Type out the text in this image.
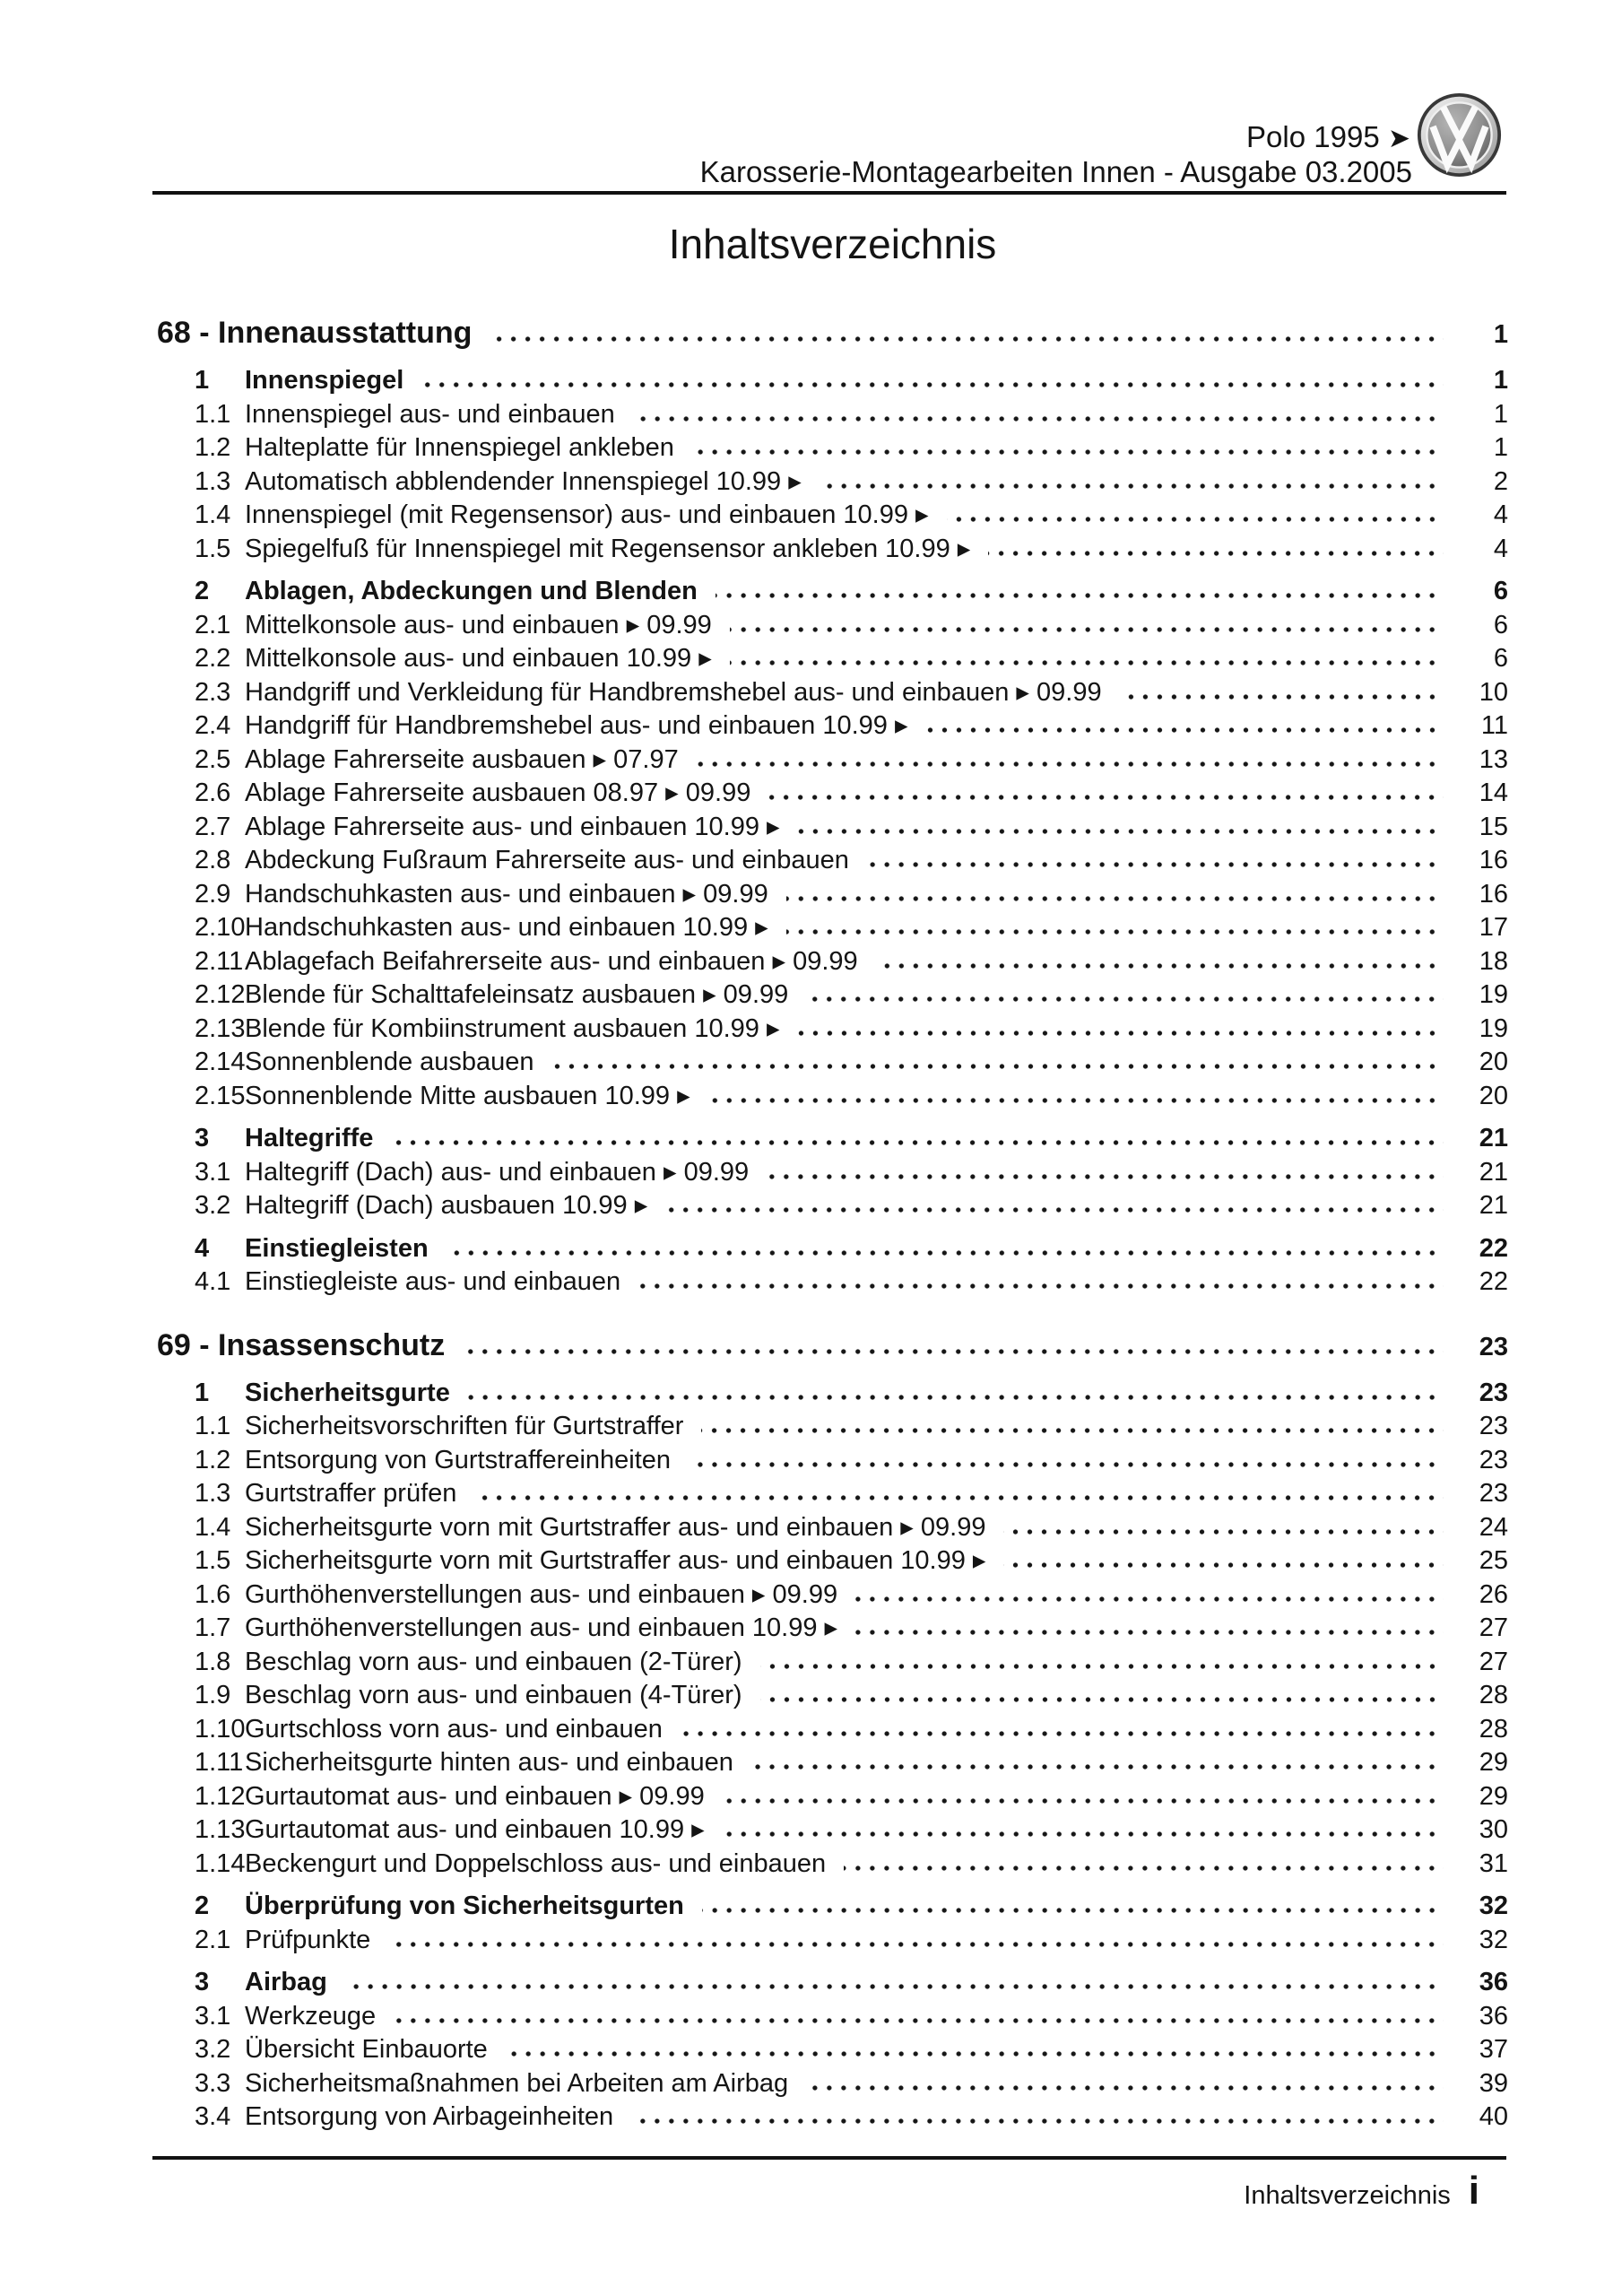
Polo 1995 ➤
Karosserie-Montagearbeiten Innen - Ausgabe 03.2005
Inhaltsverzeichnis
68 - Innenausstattung	1
1	Innenspiegel	1
1.1 Innenspiegel aus- und einbauen	1
1.2 Halteplatte für Innenspiegel ankleben	1
1.3 Automatisch abblendender Innenspiegel 10.99 ▸	2
1.4 Innenspiegel (mit Regensensor) aus- und einbauen 10.99 ▸	4
1.5 Spiegelfuß für Innenspiegel mit Regensensor ankleben 10.99 ▸	4
2	Ablagen, Abdeckungen und Blenden	6
2.1 Mittelkonsole aus- und einbauen ▸ 09.99	6
2.2 Mittelkonsole aus- und einbauen 10.99 ▸	6
2.3 Handgriff und Verkleidung für Handbremshebel aus- und einbauen ▸ 09.99	10
2.4 Handgriff für Handbremshebel aus- und einbauen 10.99 ▸	11
2.5 Ablage Fahrerseite ausbauen ▸ 07.97	13
2.6 Ablage Fahrerseite ausbauen 08.97 ▸ 09.99	14
2.7 Ablage Fahrerseite aus- und einbauen 10.99 ▸	15
2.8 Abdeckung Fußraum Fahrerseite aus- und einbauen	16
2.9 Handschuhkasten aus- und einbauen ▸ 09.99	16
2.10 Handschuhkasten aus- und einbauen 10.99 ▸	17
2.11 Ablagefach Beifahrerseite aus- und einbauen ▸ 09.99	18
2.12 Blende für Schalttafeleinsatz ausbauen ▸ 09.99	19
2.13 Blende für Kombiinstrument ausbauen 10.99 ▸	19
2.14 Sonnenblende ausbauen	20
2.15 Sonnenblende Mitte ausbauen 10.99 ▸	20
3	Haltegriffe	21
3.1 Haltegriff (Dach) aus- und einbauen ▸ 09.99	21
3.2 Haltegriff (Dach) ausbauen 10.99 ▸	21
4	Einstiegleisten	22
4.1 Einstiegleiste aus- und einbauen	22
69 - Insassenschutz	23
1	Sicherheitsgurte	23
1.1 Sicherheitsvorschriften für Gurtstraffer	23
1.2 Entsorgung von Gurtstraffereinheiten	23
1.3 Gurtstraffer prüfen	23
1.4 Sicherheitsgurte vorn mit Gurtstraffer aus- und einbauen ▸ 09.99	24
1.5 Sicherheitsgurte vorn mit Gurtstraffer aus- und einbauen 10.99 ▸	25
1.6 Gurthöhenverstellungen aus- und einbauen ▸ 09.99	26
1.7 Gurthöhenverstellungen aus- und einbauen 10.99 ▸	27
1.8 Beschlag vorn aus- und einbauen (2-Türer)	27
1.9 Beschlag vorn aus- und einbauen (4-Türer)	28
1.10 Gurtschloss vorn aus- und einbauen	28
1.11 Sicherheitsgurte hinten aus- und einbauen	29
1.12 Gurtautomat aus- und einbauen ▸ 09.99	29
1.13 Gurtautomat aus- und einbauen 10.99 ▸	30
1.14 Beckengurt und Doppelschloss aus- und einbauen	31
2	Überprüfung von Sicherheitsgurten	32
2.1 Prüfpunkte	32
3	Airbag	36
3.1 Werkzeuge	36
3.2 Übersicht Einbauorte	37
3.3 Sicherheitsmaßnahmen bei Arbeiten am Airbag	39
3.4 Entsorgung von Airbageinheiten	40
Inhaltsverzeichnis i
